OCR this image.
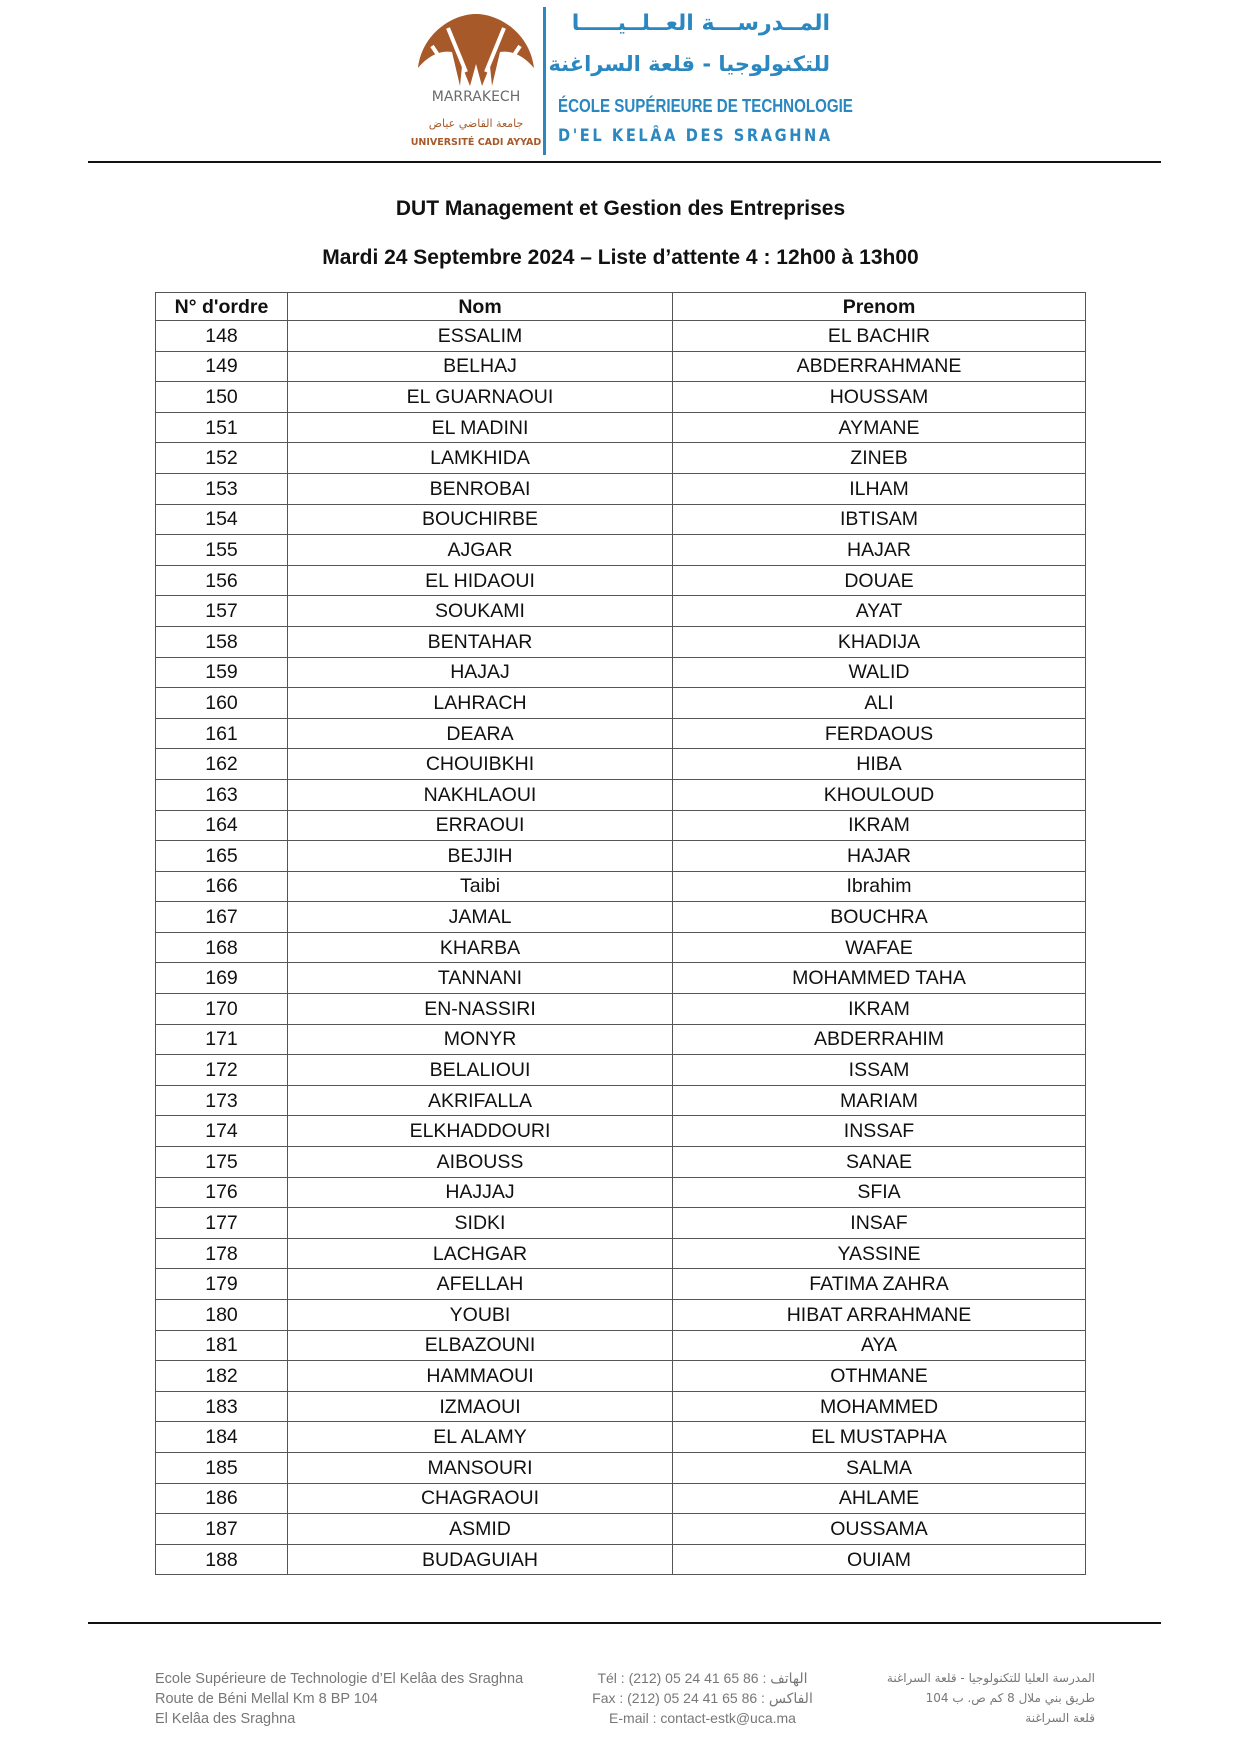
MARRAKECH
جامعة القاضي عياض
UNIVERSITÉ CADI AYYAD
المــدرســـة العــلــيـــــا
للتكنولوجيا - قلعة السراغنة
ÉCOLE SUPÉRIEURE DE TECHNOLOGIE
D'EL KELÂA DES SRAGHNA
DUT Management et Gestion des Entreprises
Mardi 24 Septembre 2024 – Liste d’attente 4 : 12h00 à 13h00
N° d'ordre	Nom	Prenom
148	ESSALIM	EL BACHIR
149	BELHAJ	ABDERRAHMANE
150	EL GUARNAOUI	HOUSSAM
151	EL MADINI	AYMANE
152	LAMKHIDA	ZINEB
153	BENROBAI	ILHAM
154	BOUCHIRBE	IBTISAM
155	AJGAR	HAJAR
156	EL HIDAOUI	DOUAE
157	SOUKAMI	AYAT
158	BENTAHAR	KHADIJA
159	HAJAJ	WALID
160	LAHRACH	ALI
161	DEARA	FERDAOUS
162	CHOUIBKHI	HIBA
163	NAKHLAOUI	KHOULOUD
164	ERRAOUI	IKRAM
165	BEJJIH	HAJAR
166	Taibi	Ibrahim
167	JAMAL	BOUCHRA
168	KHARBA	WAFAE
169	TANNANI	MOHAMMED TAHA
170	EN-NASSIRI	IKRAM
171	MONYR	ABDERRAHIM
172	BELALIOUI	ISSAM
173	AKRIFALLA	MARIAM
174	ELKHADDOURI	INSSAF
175	AIBOUSS	SANAE
176	HAJJAJ	SFIA
177	SIDKI	INSAF
178	LACHGAR	YASSINE
179	AFELLAH	FATIMA ZAHRA
180	YOUBI	HIBAT ARRAHMANE
181	ELBAZOUNI	AYA
182	HAMMAOUI	OTHMANE
183	IZMAOUI	MOHAMMED
184	EL ALAMY	EL MUSTAPHA
185	MANSOURI	SALMA
186	CHAGRAOUI	AHLAME
187	ASMID	OUSSAMA
188	BUDAGUIAH	OUIAM
Ecole Supérieure de Technologie d’El Kelâa des Sraghna
Route de Béni Mellal Km 8 BP 104
El Kelâa des Sraghna
Tél : (212) 05 24 41 65 86 : الهاتف
Fax : (212) 05 24 41 65 86 : الفاكس
E-mail : contact-estk@uca.ma
المدرسة العليا للتكنولوجيا - قلعة السراغنة
طريق بني ملال 8 كم ص. ب 104
قلعة السراغنة
